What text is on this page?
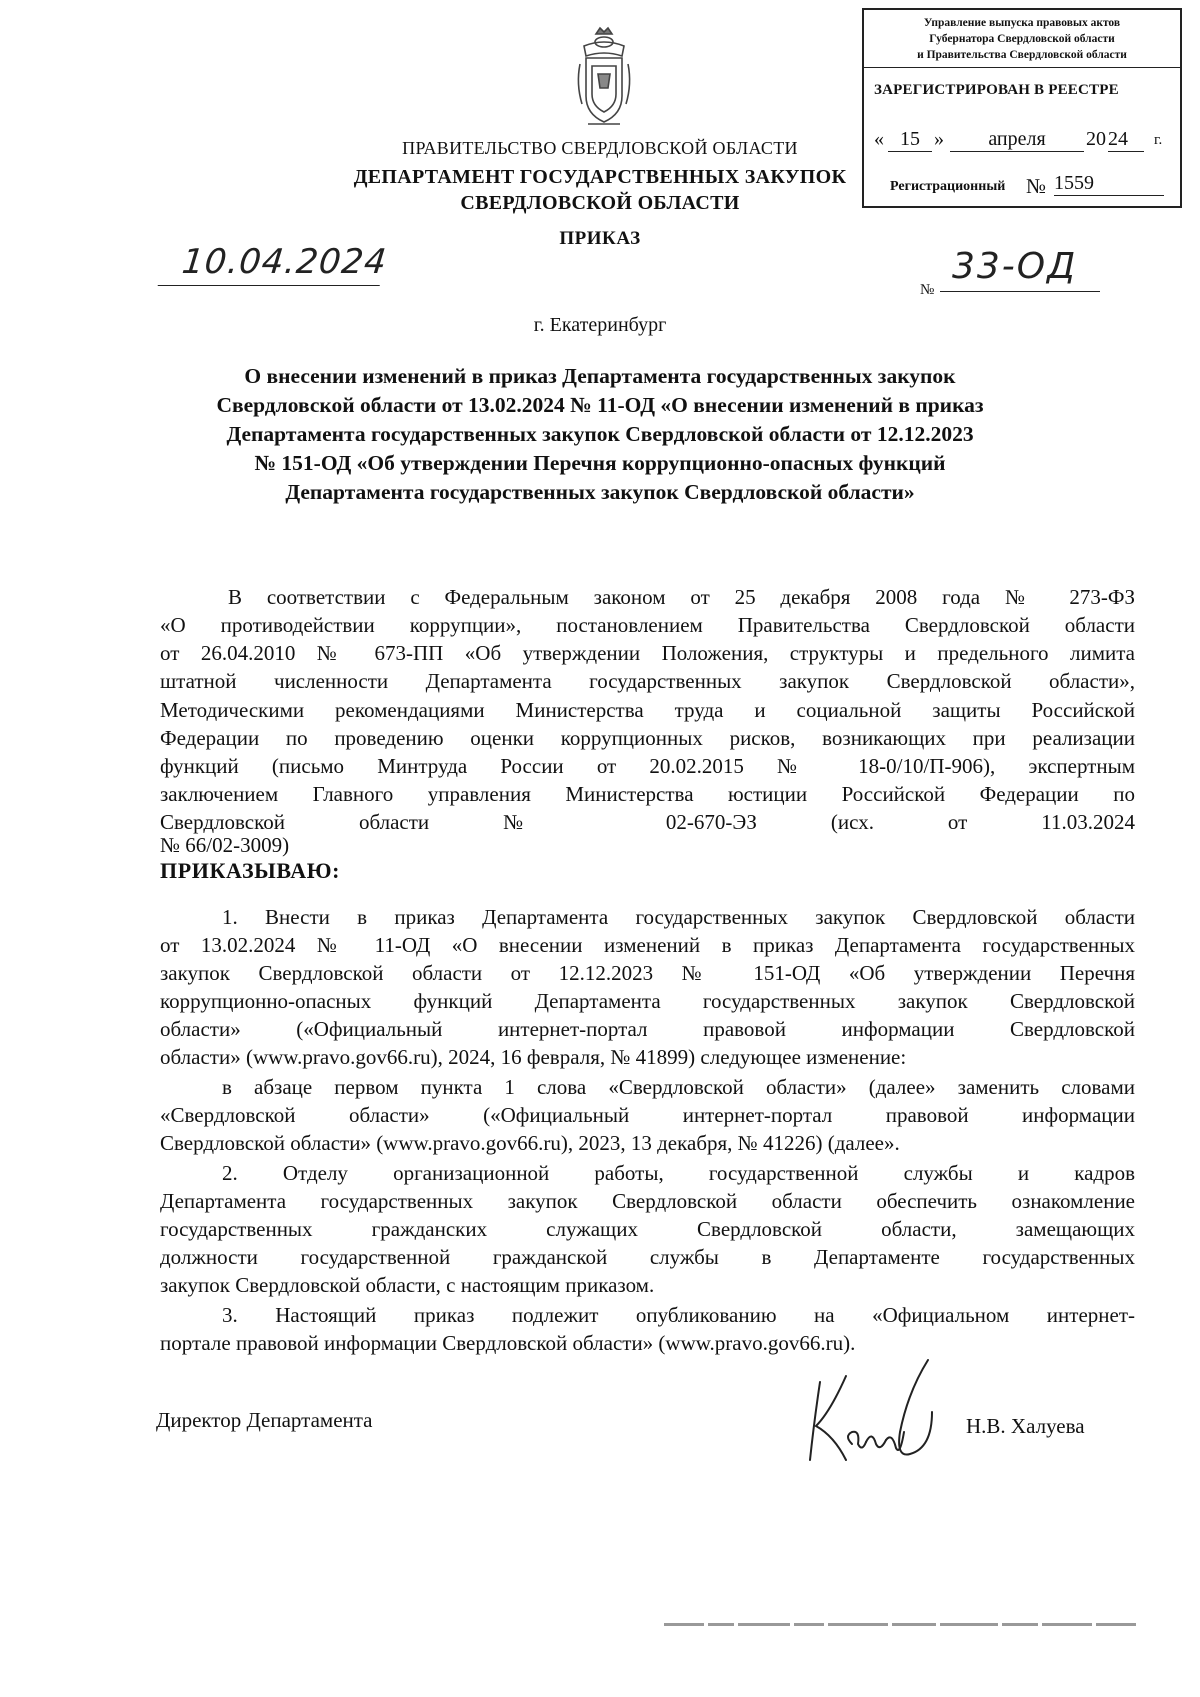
Управление выпуска правовых актов
Губернатора Свердловской области
и Правительства Свердловской области
ЗАРЕГИСТРИРОВАН В РЕЕСТРЕ
« 15 »	апреля	20 24	г.
Регистрационный № 1559
ПРАВИТЕЛЬСТВО СВЕРДЛОВСКОЙ ОБЛАСТИ
ДЕПАРТАМЕНТ ГОСУДАРСТВЕННЫХ ЗАКУПОК
СВЕРДЛОВСКОЙ ОБЛАСТИ
ПРИКАЗ
10.04.2024
№
33-ОД
г. Екатеринбург
О внесении изменений в приказ Департамента государственных закупок
Свердловской области от 13.02.2024 № 11-ОД «О внесении изменений в приказ
Департамента государственных закупок Свердловской области от 12.12.2023
№ 151-ОД «Об утверждении Перечня коррупционно-опасных функций
Департамента государственных закупок Свердловской области»
В соответствии с Федеральным законом от 25 декабря 2008 года № 273-ФЗ
«О противодействии коррупции», постановлением Правительства Свердловской области
от 26.04.2010 № 673-ПП «Об утверждении Положения, структуры и предельного лимита
штатной численности Департамента государственных закупок Свердловской области»,
Методическими рекомендациями Министерства труда и социальной защиты Российской
Федерации по проведению оценки коррупционных рисков, возникающих при реализации
функций (письмо Минтруда России от 20.02.2015 № 18-0/10/П-906), экспертным
заключением Главного управления Министерства юстиции Российской Федерации по
Свердловской области № 02-670-ЭЗ (исх. от 11.03.2024
№ 66/02-3009)
ПРИКАЗЫВАЮ:
1. Внести в приказ Департамента государственных закупок Свердловской области
от 13.02.2024 № 11-ОД «О внесении изменений в приказ Департамента государственных
закупок Свердловской области от 12.12.2023 № 151-ОД «Об утверждении Перечня
коррупционно-опасных функций Департамента государственных закупок Свердловской
области» («Официальный интернет-портал правовой информации Свердловской
области» (www.pravo.gov66.ru), 2024, 16 февраля, № 41899) следующее изменение:
в абзаце первом пункта 1 слова «Свердловской области» (далее» заменить словами
«Свердловской области» («Официальный интернет-портал правовой информации
Свердловской области» (www.pravo.gov66.ru), 2023, 13 декабря, № 41226) (далее».
2. Отделу организационной работы, государственной службы и кадров
Департамента государственных закупок Свердловской области обеспечить ознакомление
государственных гражданских служащих Свердловской области, замещающих
должности государственной гражданской службы в Департаменте государственных
закупок Свердловской области, с настоящим приказом.
3. Настоящий приказ подлежит опубликованию на «Официальном интернет-
портале правовой информации Свердловской области» (www.pravo.gov66.ru).
Директор Департамента	Н.В. Халуева
